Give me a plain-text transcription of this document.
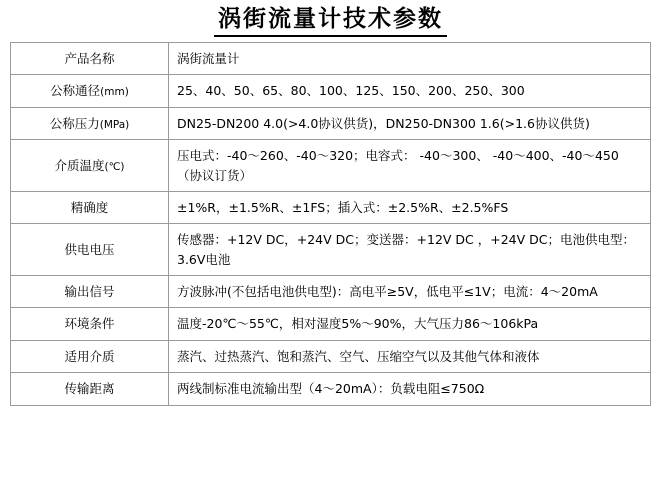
涡街流量计技术参数
产品名称	涡街流量计
公称通径(mm)	25、40、50、65、80、100、125、150、200、250、300
公称压力(MPa)	DN25-DN200 4.0(>4.0协议供货)，DN250-DN300 1.6(>1.6协议供货)
介质温度(℃)	压电式：-40～260、-40～320；电容式： -40～300、 -40～400、-40～450（协议订货）
精确度	±1%R，±1.5%R、±1FS；插入式：±2.5%R、±2.5%FS
供电电压	传感器：+12V DC，+24V DC；变送器：+12V DC ，+24V DC；电池供电型：3.6V电池
输出信号	方波脉冲(不包括电池供电型)：高电平≥5V，低电平≤1V；电流：4～20mA
环境条件	温度-20℃～55℃，相对湿度5%～90%，大气压力86～106kPa
适用介质	蒸汽、过热蒸汽、饱和蒸汽、空气、压缩空气以及其他气体和液体
传输距离	两线制标准电流输出型（4～20mA）：负载电阻≤750Ω
